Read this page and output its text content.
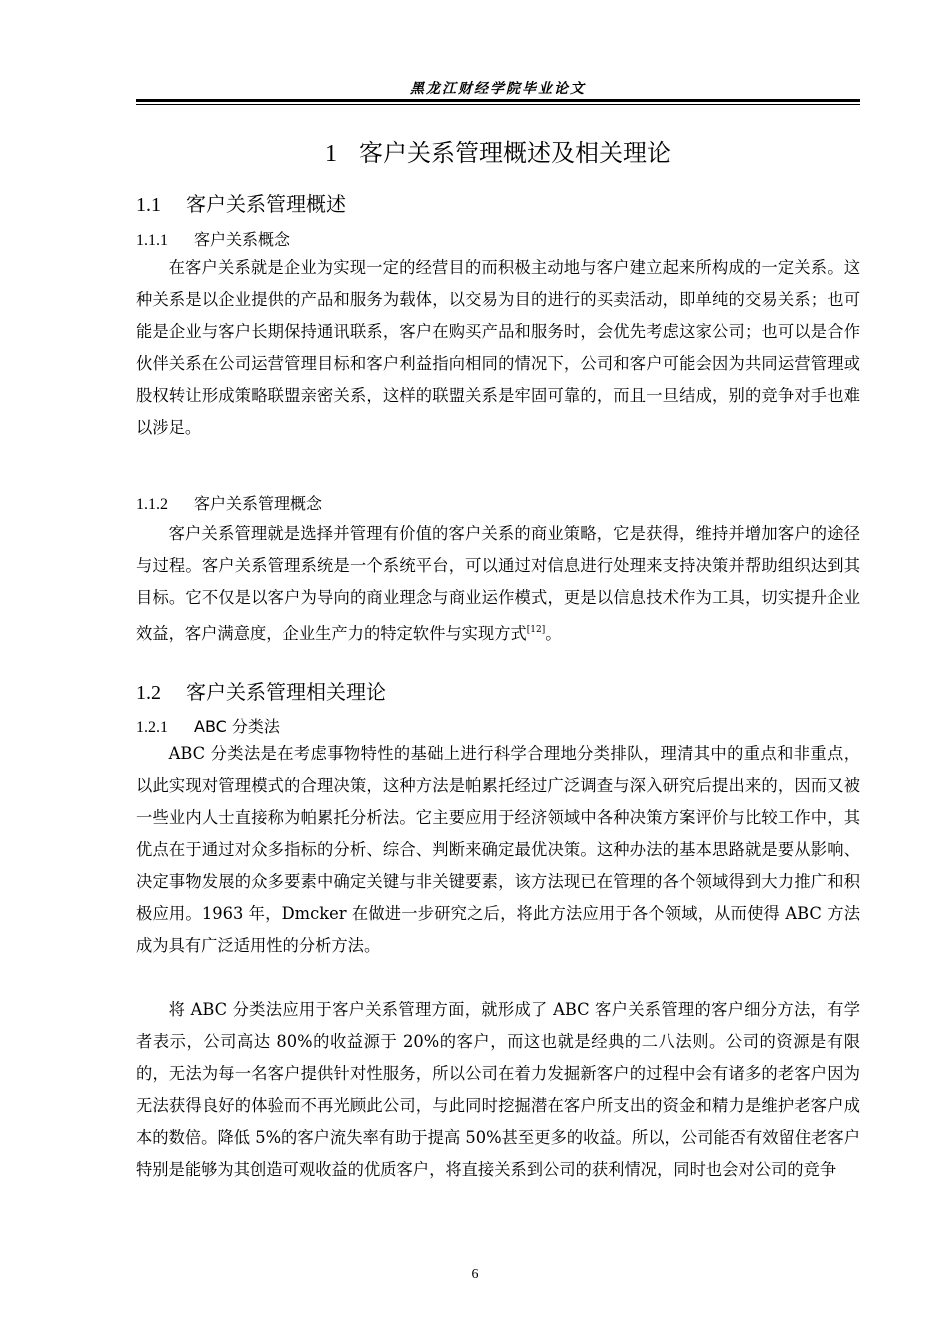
黑龙江财经学院毕业论文
1 客户关系管理概述及相关理论
1.1 客户关系管理概述
1.1.1 客户关系概念
在客户关系就是企业为实现一定的经营目的而积极主动地与客户建立起来所构成的一定关系。这种关系是以企业提供的产品和服务为载体，以交易为目的进行的买卖活动，即单纯的交易关系；也可能是企业与客户长期保持通讯联系，客户在购买产品和服务时，会优先考虑这家公司；也可以是合作伙伴关系在公司运营管理目标和客户利益指向相同的情况下，公司和客户可能会因为共同运营管理或股权转让形成策略联盟亲密关系，这样的联盟关系是牢固可靠的，而且一旦结成，别的竞争对手也难以涉足。
1.1.2 客户关系管理概念
客户关系管理就是选择并管理有价值的客户关系的商业策略，它是获得，维持并增加客户的途径与过程。客户关系管理系统是一个系统平台，可以通过对信息进行处理来支持决策并帮助组织达到其目标。它不仅是以客户为导向的商业理念与商业运作模式，更是以信息技术作为工具，切实提升企业效益，客户满意度，企业生产力的特定软件与实现方式[12]。
1.2 客户关系管理相关理论
1.2.1 ABC 分类法
ABC 分类法是在考虑事物特性的基础上进行科学合理地分类排队，理清其中的重点和非重点，以此实现对管理模式的合理决策，这种方法是帕累托经过广泛调查与深入研究后提出来的，因而又被一些业内人士直接称为帕累托分析法。它主要应用于经济领域中各种决策方案评价与比较工作中，其优点在于通过对众多指标的分析、综合、判断来确定最优决策。这种办法的基本思路就是要从影响、决定事物发展的众多要素中确定关键与非关键要素，该方法现已在管理的各个领域得到大力推广和积极应用。1963 年，Dmcker 在做进一步研究之后，将此方法应用于各个领域，从而使得 ABC 方法成为具有广泛适用性的分析方法。
将 ABC 分类法应用于客户关系管理方面，就形成了 ABC 客户关系管理的客户细分方法，有学者表示，公司高达 80%的收益源于 20%的客户，而这也就是经典的二八法则。公司的资源是有限的，无法为每一名客户提供针对性服务，所以公司在着力发掘新客户的过程中会有诸多的老客户因为无法获得良好的体验而不再光顾此公司，与此同时挖掘潜在客户所支出的资金和精力是维护老客户成本的数倍。降低 5%的客户流失率有助于提高 50%甚至更多的收益。所以，公司能否有效留住老客户特别是能够为其创造可观收益的优质客户，将直接关系到公司的获利情况，同时也会对公司的竞争
6
